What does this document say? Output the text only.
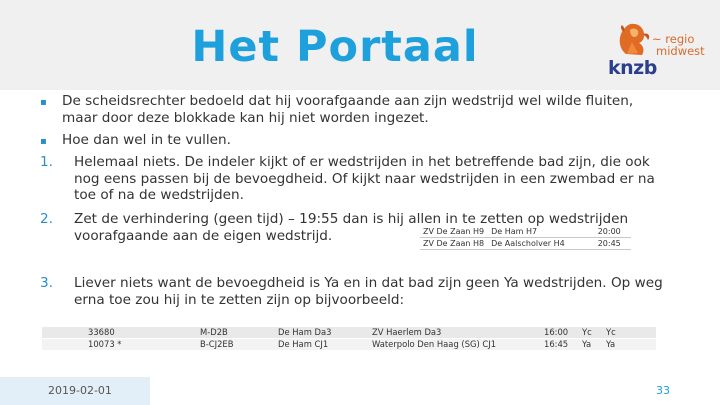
Het Portaal	knzb
~ regio
midwest
▪	De scheidsrechter bedoeld dat hij voorafgaande aan zijn wedstrijd wel wilde fluiten, maar door deze blokkade kan hij niet worden ingezet.
▪	Hoe dan wel in te vullen.
1. Helemaal niets. De indeler kijkt of er wedstrijden in het betreffende bad zijn, die ook nog eens passen bij de bevoegdheid. Of kijkt naar wedstrijden in een zwembad er na toe of na de wedstrijden.
2. Zet de verhindering (geen tijd) – 19:55 dan is hij allen in te zetten op wedstrijden
voorafgaande aan de eigen wedstrijd.	ZV De Zaan H9	De Ham H7	20:00
ZV De Zaan H8	De Aalscholver H4	20:45
3. Liever niets want de bevoegdheid is Ya en in dat bad zijn geen Ya wedstrijden. Op weg erna toe zou hij in te zetten zijn op bijvoorbeeld:
33680	M-D2B	De Ham Da3	ZV Haerlem Da3	16:00	Yc	Yc
10073 *	B-CJ2EB	De Ham CJ1	Waterpolo Den Haag (SG) CJ1	16:45	Ya	Ya
2019-02-01	33
